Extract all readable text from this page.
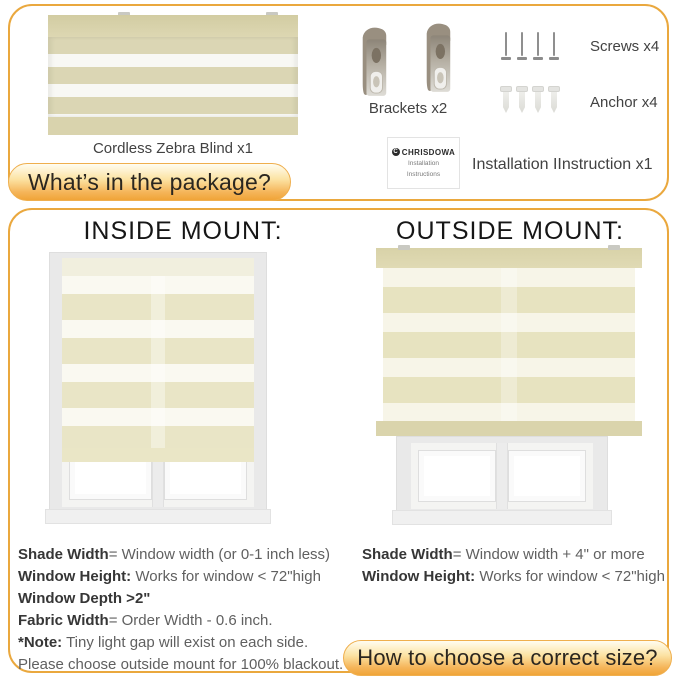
Cordless Zebra Blind x1
Brackets x2
Screws x4
Anchor x4
C CHRISDOWA
Installation
Instructions
Installation IInstruction x1
What’s in the package?
INSIDE MOUNT:	OUTSIDE MOUNT:
Shade Width= Window width (or 0-1 inch less)
Window Height: Works for window < 72"high
Window Depth >2"
Fabric Width= Order Width - 0.6 inch.
*Note: Tiny light gap will exist on each side.
Please choose outside mount for 100% blackout.
Shade Width= Window width + 4" or more
Window Height: Works for window < 72"high
How to choose a correct size?
